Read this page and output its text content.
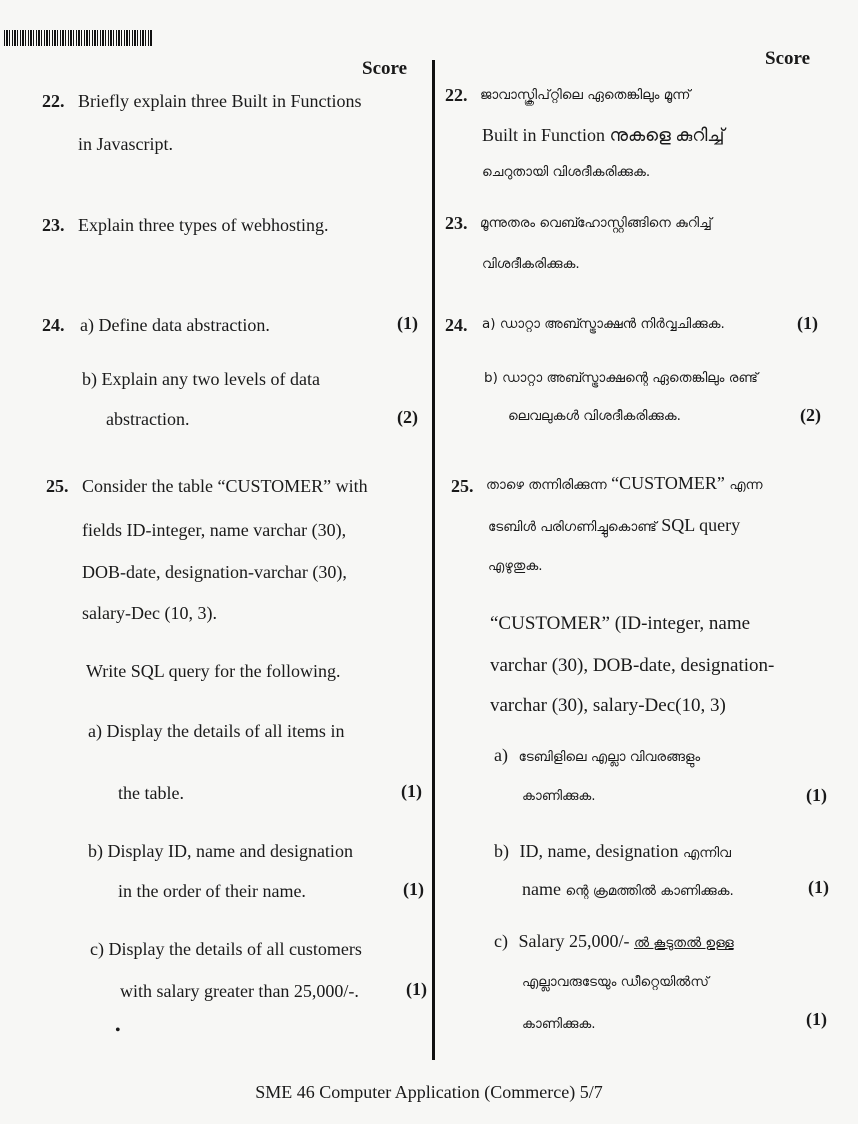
Score	Score
22. Briefly explain three Built in Functions
in Javascript.
23. Explain three types of webhosting.
24. a) Define data abstraction.	(1)
b) Explain any two levels of data
abstraction.	(2)
25. Consider the table “CUSTOMER” with
fields ID-integer, name varchar (30),
DOB-date, designation-varchar (30),
salary-Dec (10, 3).
Write SQL query for the following.
a) Display the details of all items in
the table.	(1)
b) Display ID, name and designation
in the order of their name.	(1)
c) Display the details of all customers
with salary greater than 25,000/-.	(1)
22. ജാവാസ്ക്രിപ്റ്റിലെ ഏതെങ്കിലും മൂന്ന്
Built in Function നുകളെ കുറിച്ച്
ചെറുതായി വിശദീകരിക്കുക.
23. മൂന്നുതരം വെബ്ഹോസ്റ്റിങ്ങിനെ കുറിച്ച്
വിശദീകരിക്കുക.
24. a) ഡാറ്റാ അബ്സ്ട്രാക്ഷൻ നിർവ്വചിക്കുക.	(1)
b) ഡാറ്റാ അബ്സ്ട്രാക്ഷന്റെ ഏതെങ്കിലും രണ്ട്
ലെവലുകൾ വിശദീകരിക്കുക.	(2)
25. താഴെ തന്നിരിക്കുന്ന “CUSTOMER” എന്ന
ടേബിൾ പരിഗണിച്ചുകൊണ്ട് SQL query
എഴുതുക.
“CUSTOMER” (ID-integer, name
varchar (30), DOB-date, designation-
varchar (30), salary-Dec(10, 3)
a) ടേബിളിലെ എല്ലാ വിവരങ്ങളും
കാണിക്കുക.	(1)
b) ID, name, designation എന്നിവ
name ന്റെ ക്രമത്തിൽ കാണിക്കുക.	(1)
c) Salary 25,000/- ൽ കൂടുതൽ ഉള്ള
എല്ലാവരുടേയും ഡീറ്റെയിൽസ്
കാണിക്കുക.	(1)
•
SME 46 Computer Application (Commerce) 5/7
